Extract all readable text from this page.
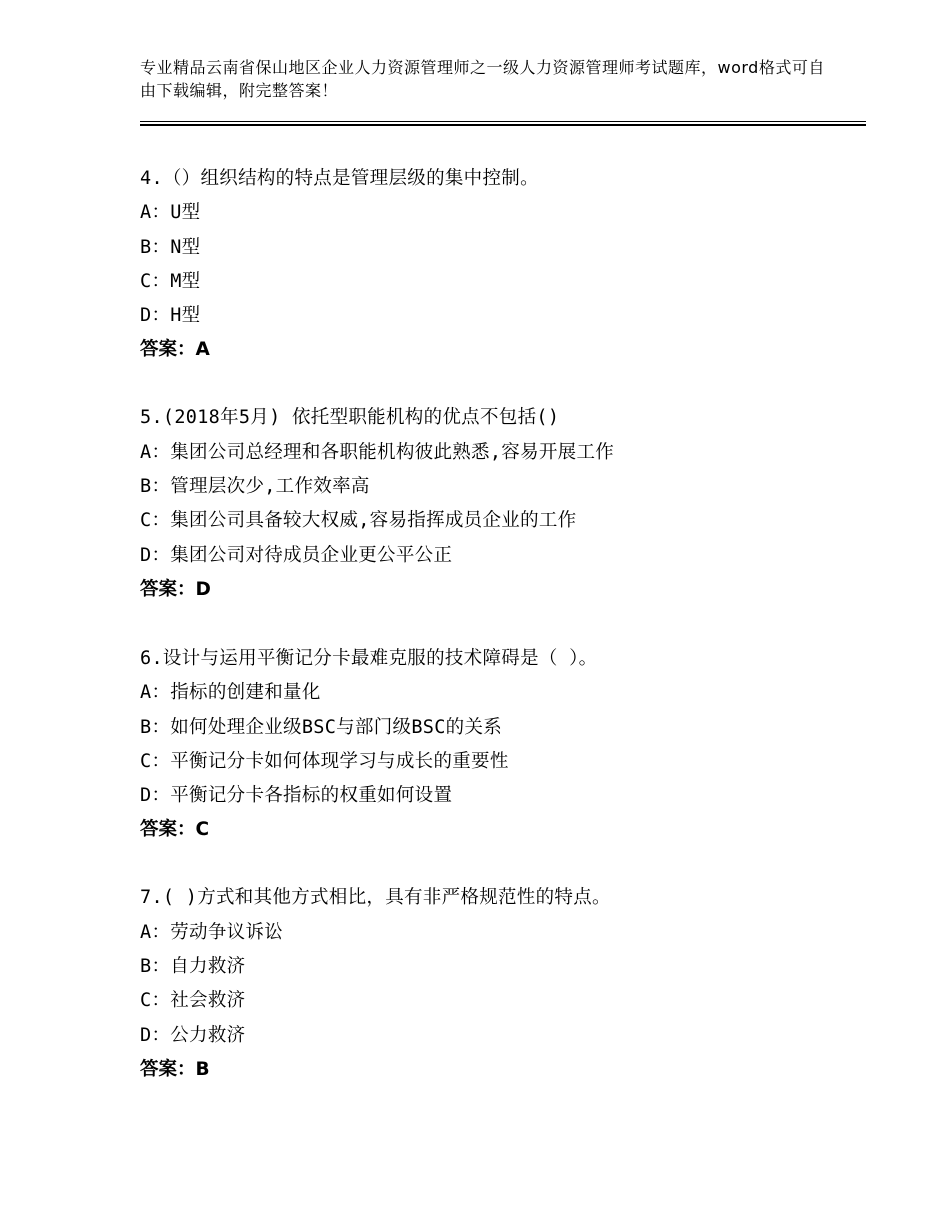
专业精品云南省保山地区企业人力资源管理师之一级人力资源管理师考试题库，word格式可自由下载编辑，附完整答案！
4.（）组织结构的特点是管理层级的集中控制。
A：U型
B：N型
C：M型
D：H型
答案：A
5.(2018年5月) 依托型职能机构的优点不包括()
A：集团公司总经理和各职能机构彼此熟悉,容易开展工作
B：管理层次少,工作效率高
C：集团公司具备较大权威,容易指挥成员企业的工作
D：集团公司对待成员企业更公平公正
答案：D
6.设计与运用平衡记分卡最难克服的技术障碍是（ ）。
A：指标的创建和量化
B：如何处理企业级BSC与部门级BSC的关系
C：平衡记分卡如何体现学习与成长的重要性
D：平衡记分卡各指标的权重如何设置
答案：C
7.( )方式和其他方式相比，具有非严格规范性的特点。
A：劳动争议诉讼
B：自力救济
C：社会救济
D：公力救济
答案：B
